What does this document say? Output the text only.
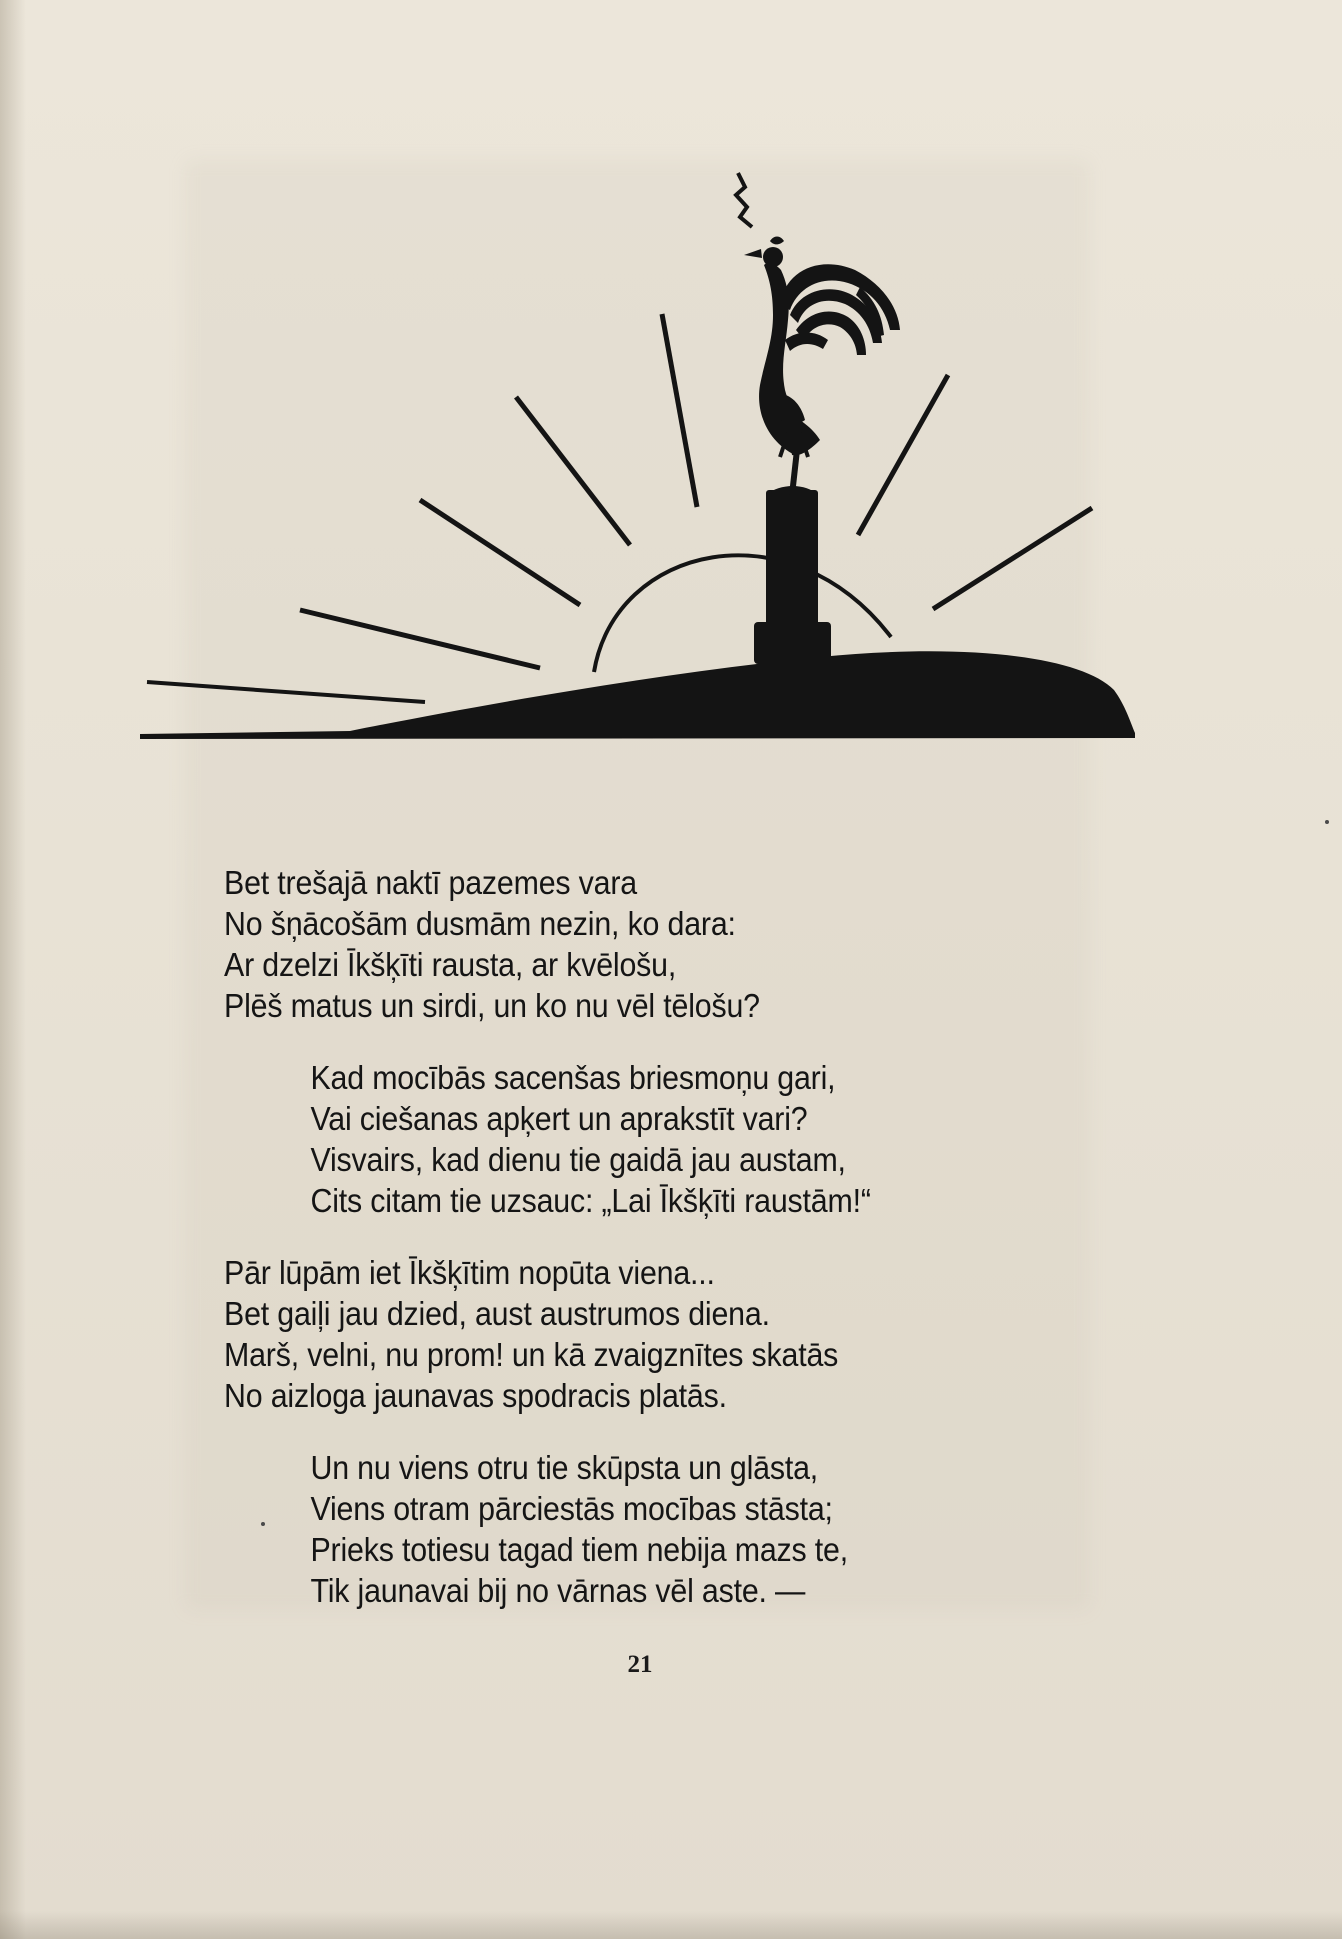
Bet trešajā naktī pazemes vara
No šņācošām dusmām nezin, ko dara:
Ar dzelzi Īkšķīti rausta, ar kvēlošu,
Plēš matus un sirdi, un ko nu vēl tēlošu?
Kad mocībās sacenšas briesmoņu gari,
Vai ciešanas apķert un aprakstīt vari?
Visvairs, kad dienu tie gaidā jau austam,
Cits citam tie uzsauc: „Lai Īkšķīti raustām!“
Pār lūpām iet Īkšķītim nopūta viena...
Bet gaiļi jau dzied, aust austrumos diena.
Marš, velni, nu prom! un kā zvaigznītes skatās
No aizloga jaunavas spodracis platās.
Un nu viens otru tie skūpsta un glāsta,
Viens otram pārciestās mocības stāsta;
Prieks totiesu tagad tiem nebija mazs te,
Tik jaunavai bij no vārnas vēl aste. —
21
